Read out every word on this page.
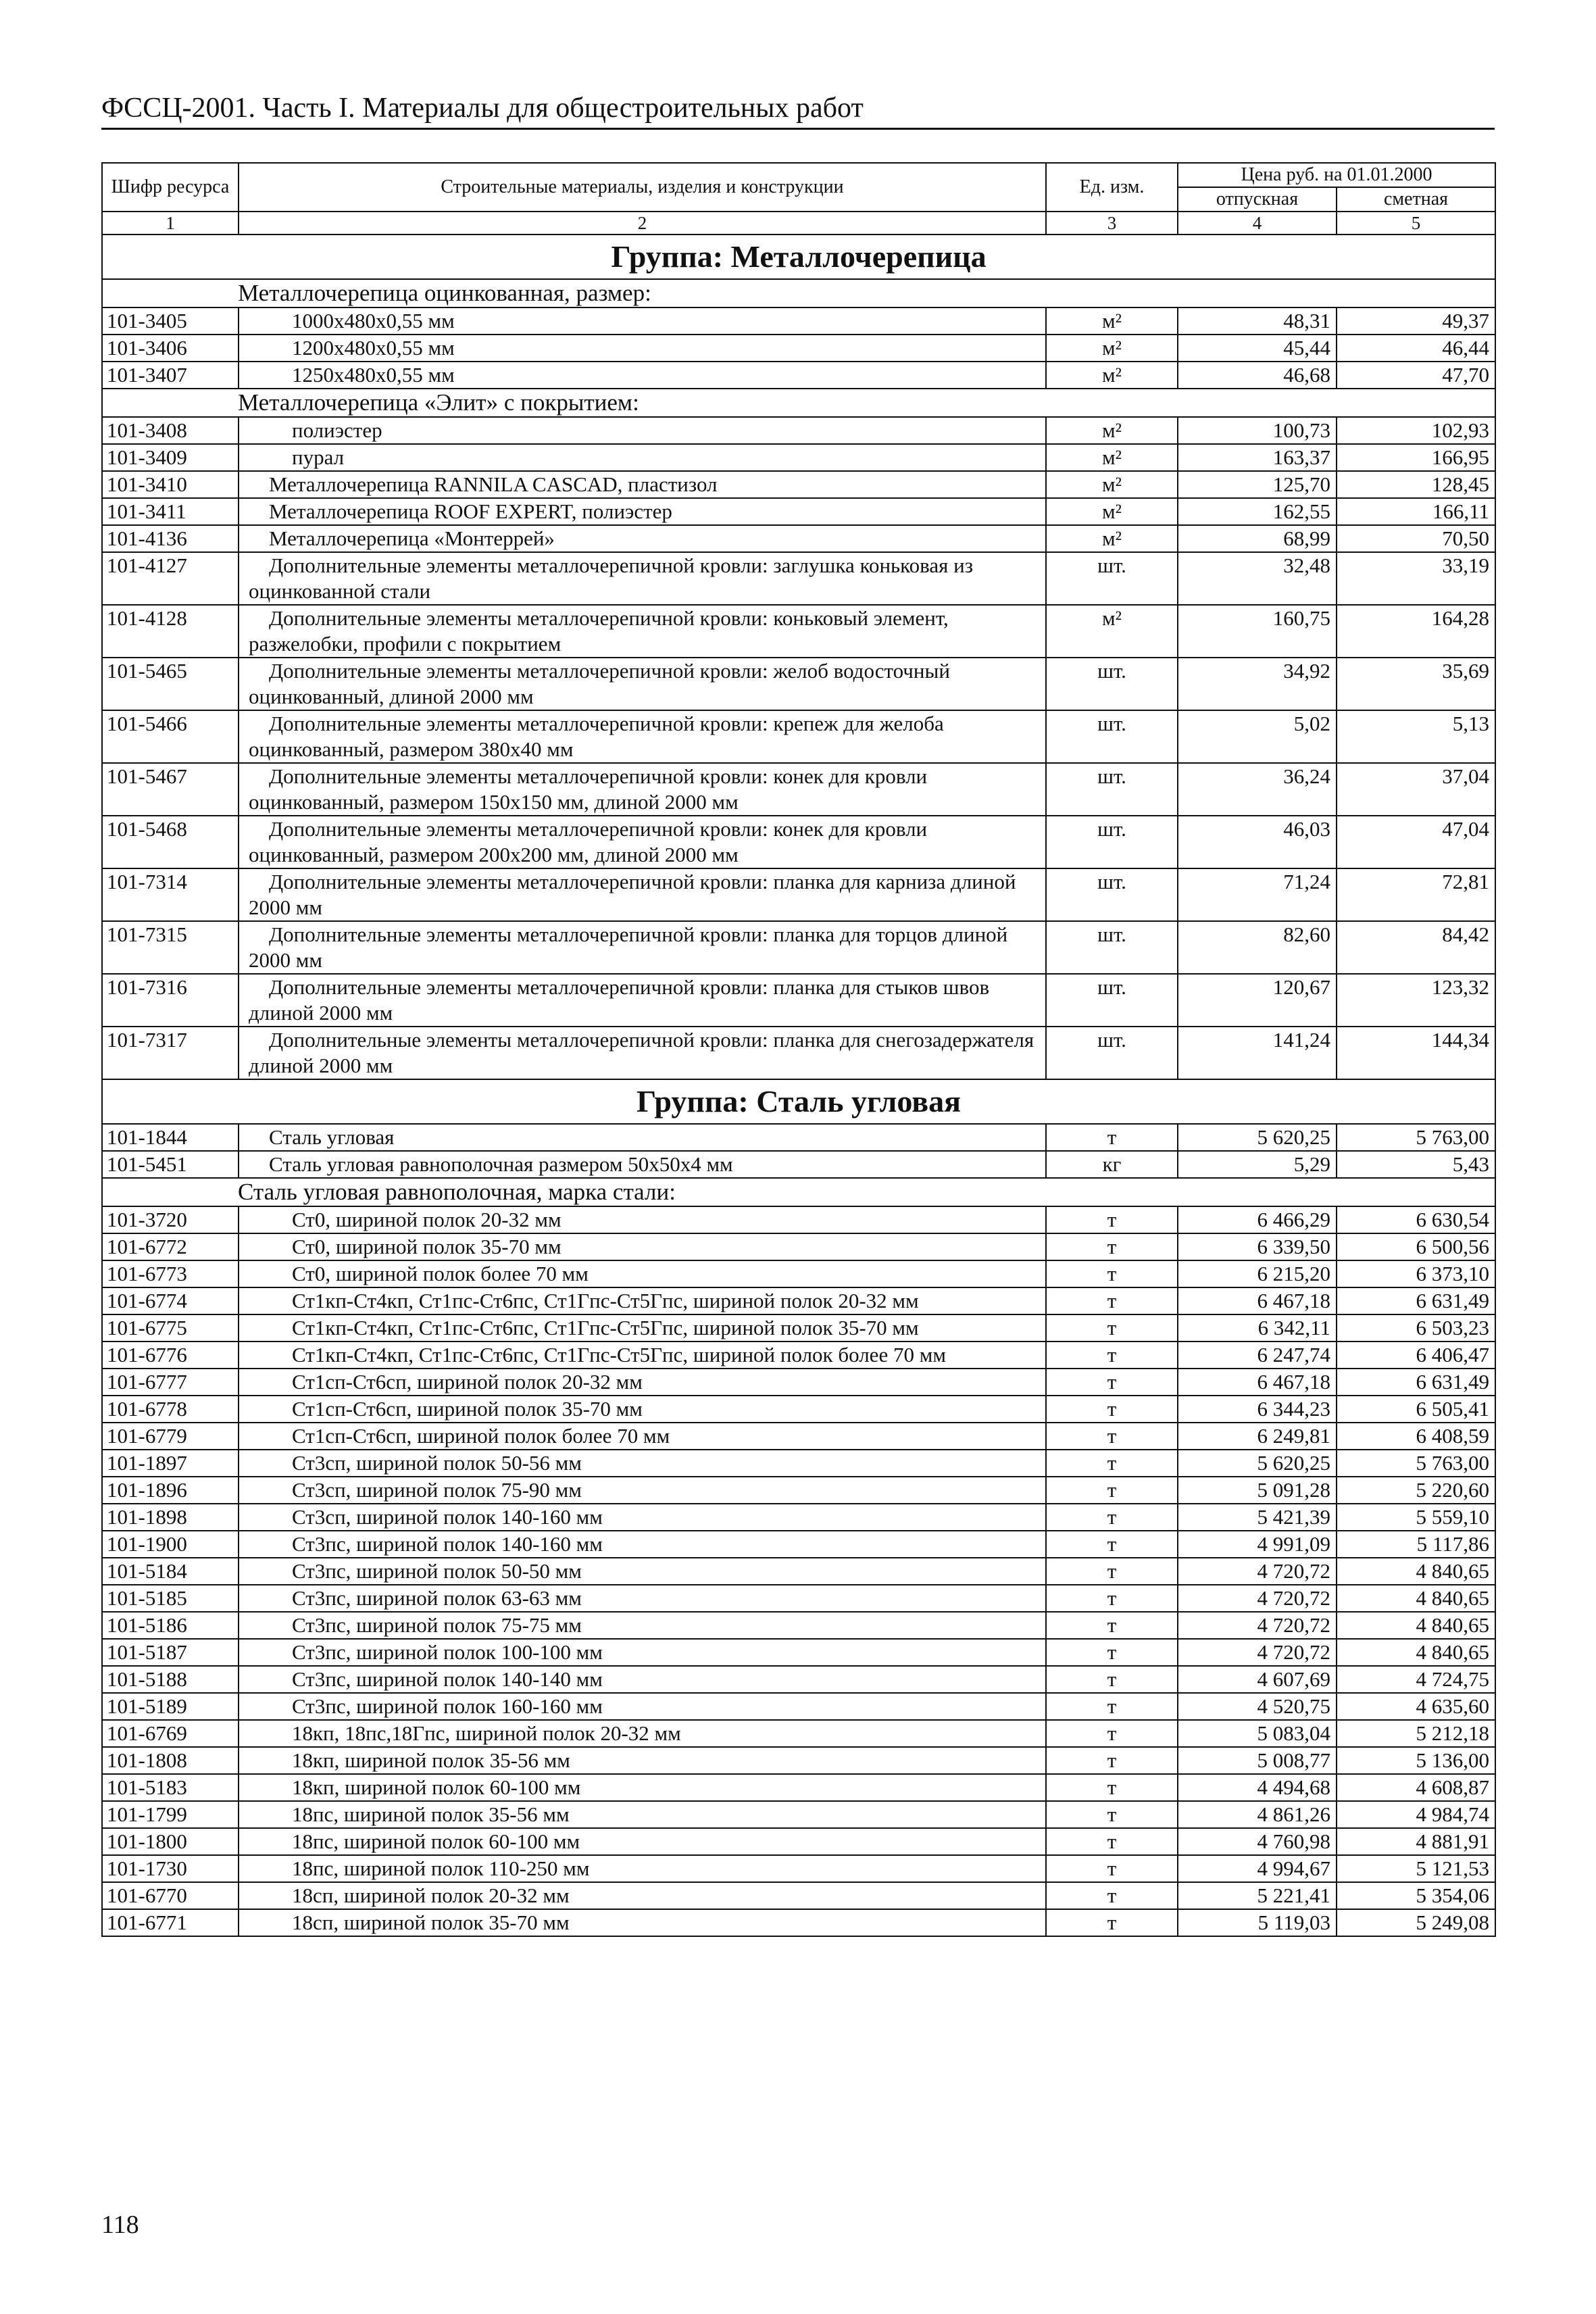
ФССЦ-2001. Часть I. Материалы для общестроительных работ
Шифр ресурса	Строительные материалы, изделия и конструкции	Ед. изм.	Цена руб. на 01.01.2000	
			отпускная	сметная
1	2	3	4	5
Группа: Металлочерепица				
Металлочерепица оцинкованная, размер:				
101-3405	1000x480x0,55 мм	м²	48,31	49,37
101-3406	1200x480x0,55 мм	м²	45,44	46,44
101-3407	1250x480x0,55 мм	м²	46,68	47,70
Металлочерепица «Элит» с покрытием:				
101-3408	полиэстер	м²	100,73	102,93
101-3409	пурал	м²	163,37	166,95
101-3410	Металлочерепица RANNILA CASCAD, пластизол	м²	125,70	128,45
101-3411	Металлочерепица ROOF EXPERT, полиэстер	м²	162,55	166,11
101-4136	Металлочерепица «Монтеррей»	м²	68,99	70,50
101-4127	Дополнительные элементы металлочерепичной кровли: заглушка коньковая из оцинкованной стали	шт.	32,48	33,19
101-4128	Дополнительные элементы металлочерепичной кровли: коньковый элемент, разжелобки, профили с покрытием	м²	160,75	164,28
101-5465	Дополнительные элементы металлочерепичной кровли: желоб водосточный оцинкованный, длиной 2000 мм	шт.	34,92	35,69
101-5466	Дополнительные элементы металлочерепичной кровли: крепеж для желоба оцинкованный, размером 380x40 мм	шт.	5,02	5,13
101-5467	Дополнительные элементы металлочерепичной кровли: конек для кровли оцинкованный, размером 150x150 мм, длиной 2000 мм	шт.	36,24	37,04
101-5468	Дополнительные элементы металлочерепичной кровли: конек для кровли оцинкованный, размером 200x200 мм, длиной 2000 мм	шт.	46,03	47,04
101-7314	Дополнительные элементы металлочерепичной кровли: планка для карниза длиной 2000 мм	шт.	71,24	72,81
101-7315	Дополнительные элементы металлочерепичной кровли: планка для торцов длиной 2000 мм	шт.	82,60	84,42
101-7316	Дополнительные элементы металлочерепичной кровли: планка для стыков швов длиной 2000 мм	шт.	120,67	123,32
101-7317	Дополнительные элементы металлочерепичной кровли: планка для снегозадержателя длиной 2000 мм	шт.	141,24	144,34
Группа: Сталь угловая				
101-1844	Сталь угловая	т	5 620,25	5 763,00
101-5451	Сталь угловая равнополочная размером 50x50x4 мм	кг	5,29	5,43
Сталь угловая равнополочная, марка стали:				
101-3720	Ст0, шириной полок 20-32 мм	т	6 466,29	6 630,54
101-6772	Ст0, шириной полок 35-70 мм	т	6 339,50	6 500,56
101-6773	Ст0, шириной полок более 70 мм	т	6 215,20	6 373,10
101-6774	Ст1кп-Ст4кп, Ст1пс-Ст6пс, Ст1Гпс-Ст5Гпс, шириной полок 20-32 мм	т	6 467,18	6 631,49
101-6775	Ст1кп-Ст4кп, Ст1пс-Ст6пс, Ст1Гпс-Ст5Гпс, шириной полок 35-70 мм	т	6 342,11	6 503,23
101-6776	Ст1кп-Ст4кп, Ст1пс-Ст6пс, Ст1Гпс-Ст5Гпс, шириной полок более 70 мм	т	6 247,74	6 406,47
101-6777	Ст1сп-Ст6сп, шириной полок 20-32 мм	т	6 467,18	6 631,49
101-6778	Ст1сп-Ст6сп, шириной полок 35-70 мм	т	6 344,23	6 505,41
101-6779	Ст1сп-Ст6сп, шириной полок более 70 мм	т	6 249,81	6 408,59
101-1897	Ст3сп, шириной полок 50-56 мм	т	5 620,25	5 763,00
101-1896	Ст3сп, шириной полок 75-90 мм	т	5 091,28	5 220,60
101-1898	Ст3сп, шириной полок 140-160 мм	т	5 421,39	5 559,10
101-1900	Ст3пс, шириной полок 140-160 мм	т	4 991,09	5 117,86
101-5184	Ст3пс, шириной полок 50-50 мм	т	4 720,72	4 840,65
101-5185	Ст3пс, шириной полок 63-63 мм	т	4 720,72	4 840,65
101-5186	Ст3пс, шириной полок 75-75 мм	т	4 720,72	4 840,65
101-5187	Ст3пс, шириной полок 100-100 мм	т	4 720,72	4 840,65
101-5188	Ст3пс, шириной полок 140-140 мм	т	4 607,69	4 724,75
101-5189	Ст3пс, шириной полок 160-160 мм	т	4 520,75	4 635,60
101-6769	18кп, 18пс,18Гпс, шириной полок 20-32 мм	т	5 083,04	5 212,18
101-1808	18кп, шириной полок 35-56 мм	т	5 008,77	5 136,00
101-5183	18кп, шириной полок 60-100 мм	т	4 494,68	4 608,87
101-1799	18пс, шириной полок 35-56 мм	т	4 861,26	4 984,74
101-1800	18пс, шириной полок 60-100 мм	т	4 760,98	4 881,91
101-1730	18пс, шириной полок 110-250 мм	т	4 994,67	5 121,53
101-6770	18сп, шириной полок 20-32 мм	т	5 221,41	5 354,06
101-6771	18сп, шириной полок 35-70 мм	т	5 119,03	5 249,08
118
